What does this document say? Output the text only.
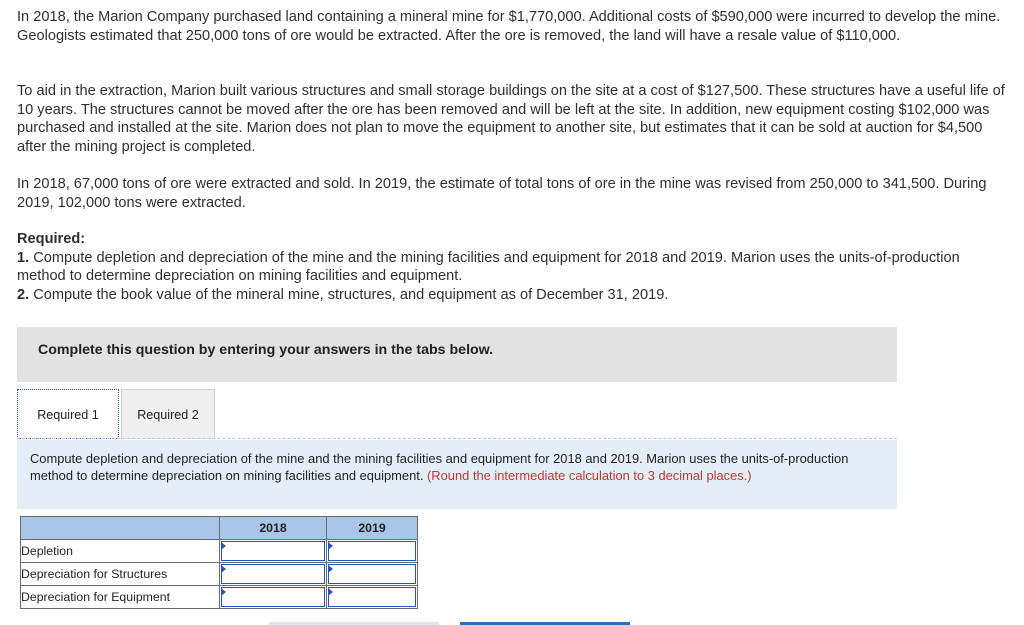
In 2018, the Marion Company purchased land containing a mineral mine for $1,770,000. Additional costs of $590,000 were incurred to develop the mine. Geologists estimated that 250,000 tons of ore would be extracted. After the ore is removed, the land will have a resale value of $110,000.

To aid in the extraction, Marion built various structures and small storage buildings on the site at a cost of $127,500. These structures have a useful life of 10 years. The structures cannot be moved after the ore has been removed and will be left at the site. In addition, new equipment costing $102,000 was purchased and installed at the site. Marion does not plan to move the equipment to another site, but estimates that it can be sold at auction for $4,500 after the mining project is completed.

In 2018, 67,000 tons of ore were extracted and sold. In 2019, the estimate of total tons of ore in the mine was revised from 250,000 to 341,500. During 2019, 102,000 tons were extracted.

Required:
1. Compute depletion and depreciation of the mine and the mining facilities and equipment for 2018 and 2019. Marion uses the units-of-production method to determine depreciation on mining facilities and equipment.
2. Compute the book value of the mineral mine, structures, and equipment as of December 31, 2019.
Complete this question by entering your answers in the tabs below.
Required 1	Required 2
Compute depletion and depreciation of the mine and the mining facilities and equipment for 2018 and 2019. Marion uses the units-of-production method to determine depreciation on mining facilities and equipment. (Round the intermediate calculation to 3 decimal places.)
	2018	2019
Depletion		
Depreciation for Structures		
Depreciation for Equipment		
